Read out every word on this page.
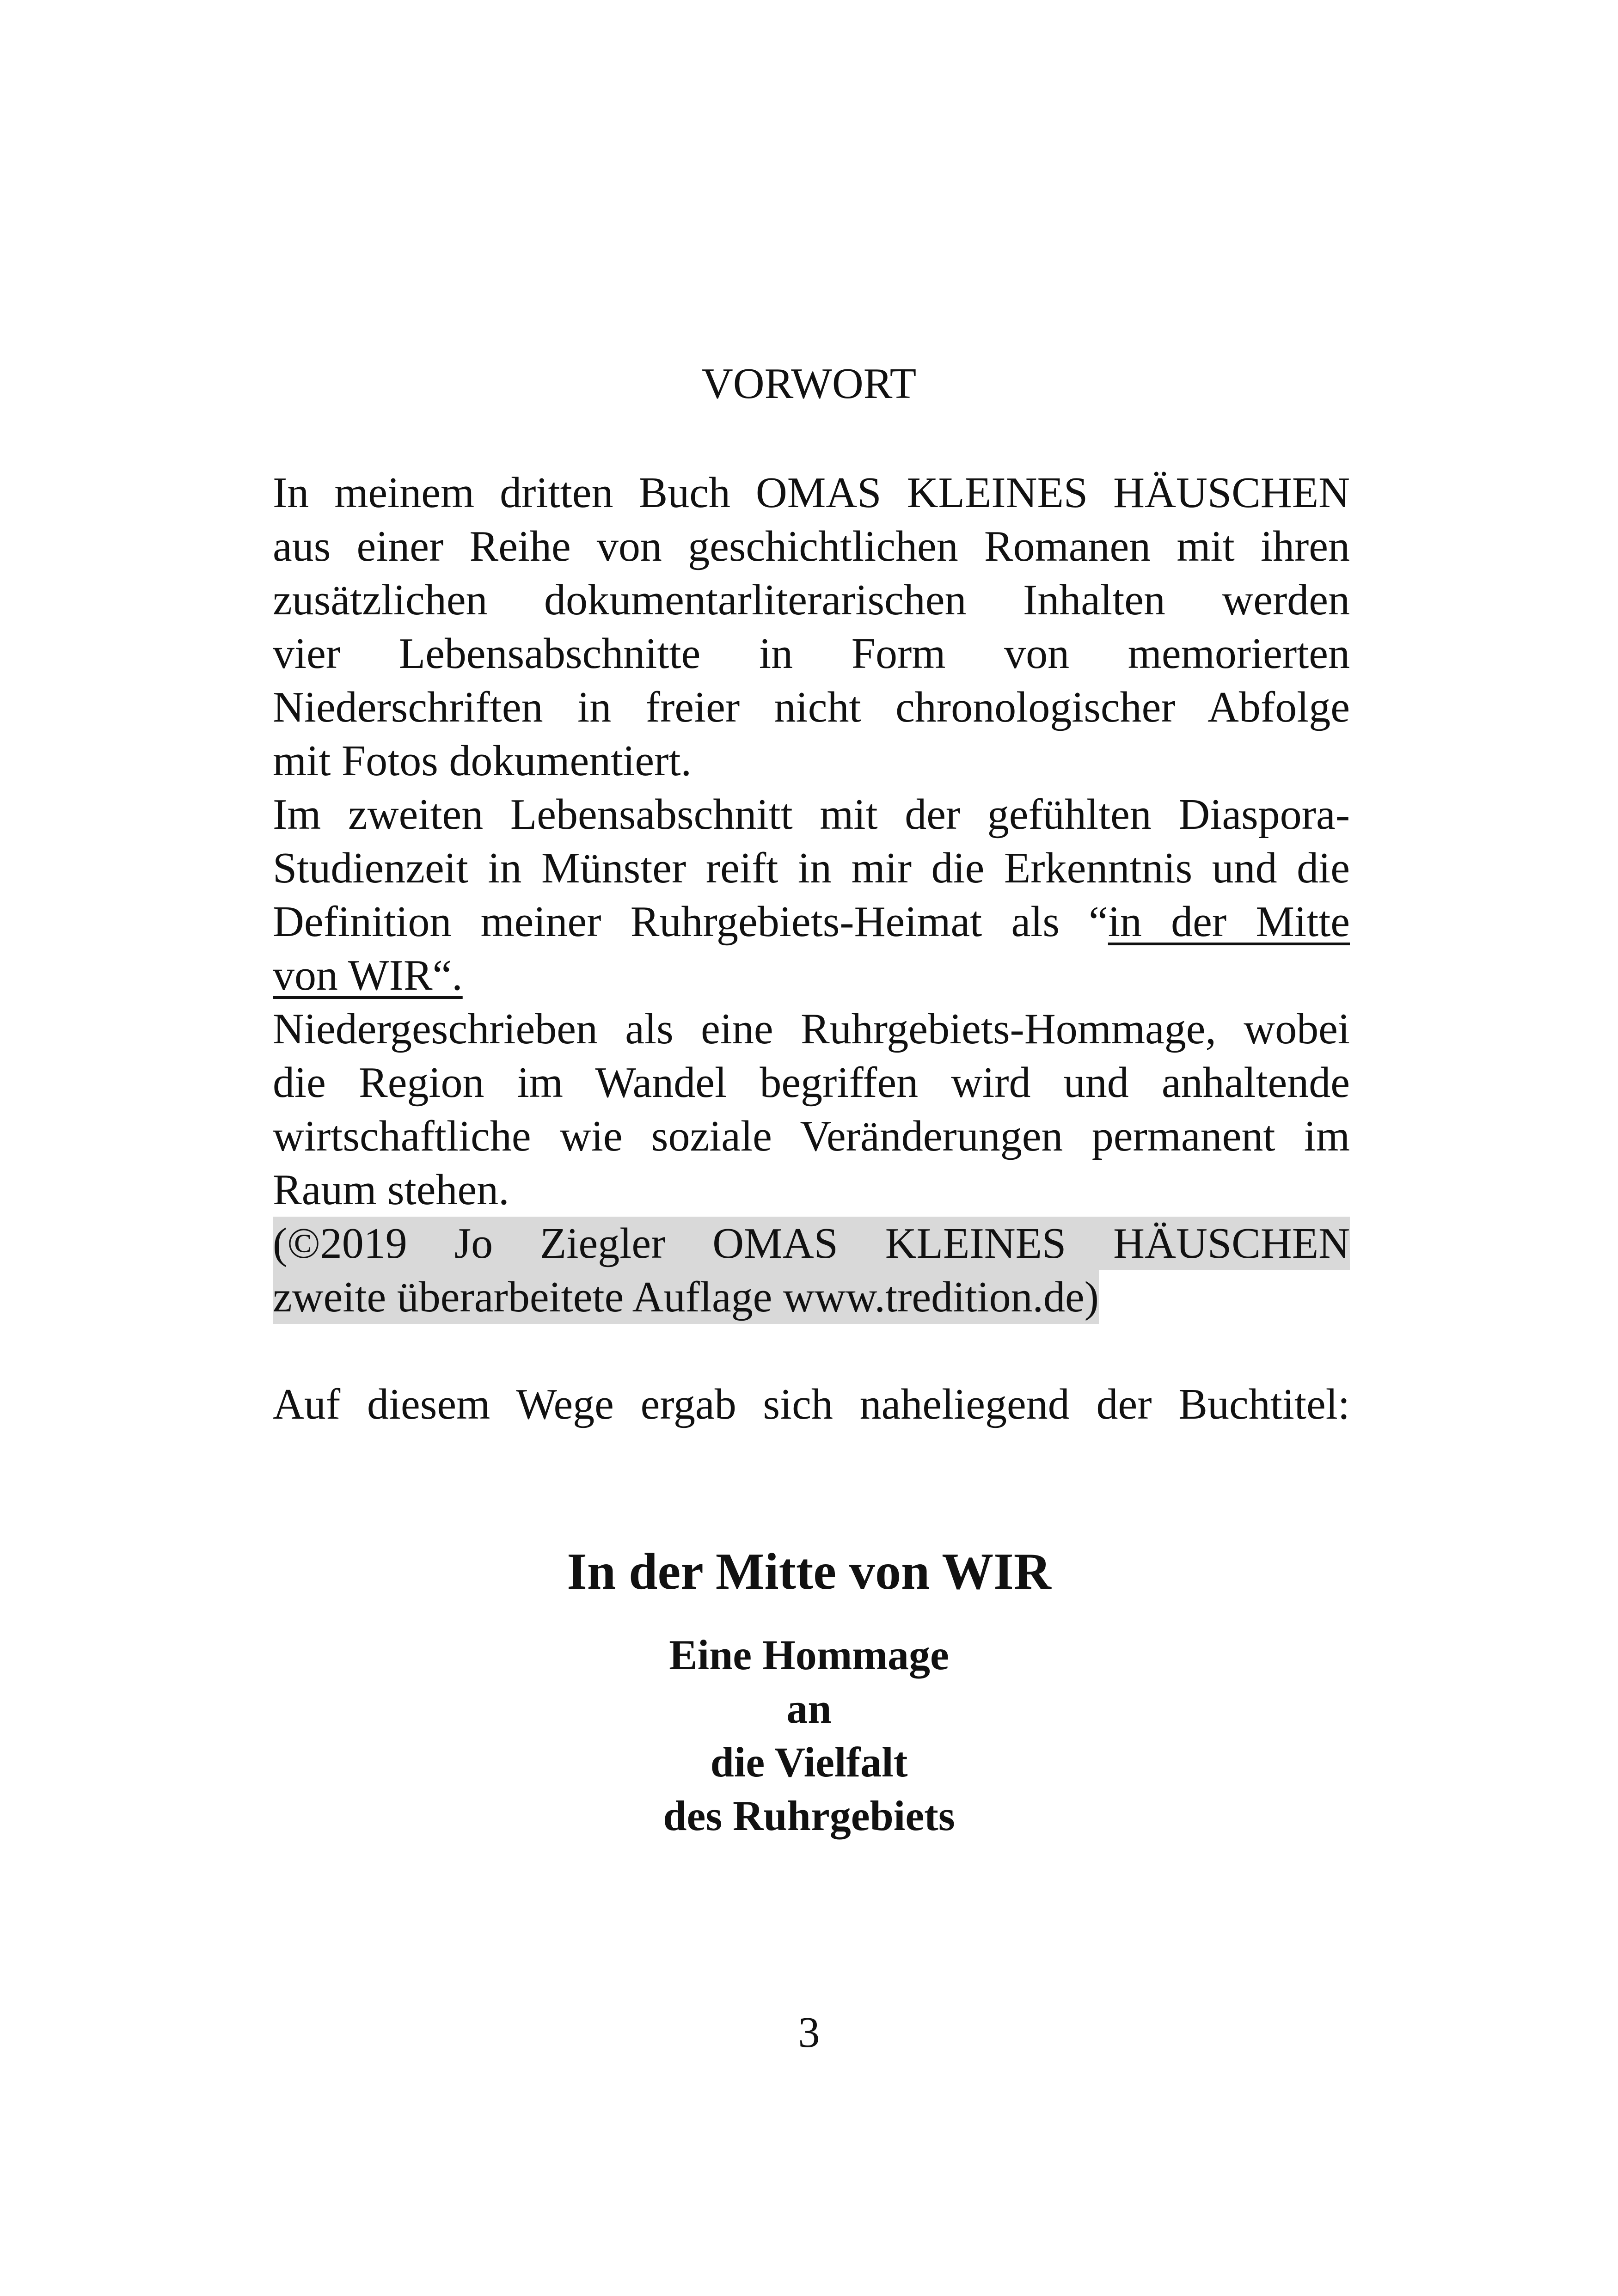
VORWORT
In meinem dritten Buch OMAS KLEINES HÄUSCHEN
aus einer Reihe von geschichtlichen Romanen mit ihren
zusätzlichen dokumentarliterarischen Inhalten werden
vier Lebensabschnitte in Form von memorierten
Niederschriften in freier nicht chronologischer Abfolge
mit Fotos dokumentiert.
Im zweiten Lebensabschnitt mit der gefühlten Diaspora-
Studienzeit in Münster reift in mir die Erkenntnis und die
Definition meiner Ruhrgebiets-Heimat als “in der Mitte
von WIR“.
Niedergeschrieben als eine Ruhrgebiets-Hommage, wobei
die Region im Wandel begriffen wird und anhaltende
wirtschaftliche wie soziale Veränderungen permanent im
Raum stehen.
(©2019 Jo Ziegler OMAS KLEINES HÄUSCHEN
zweite überarbeitete Auflage www.tredition.de)
Auf diesem Wege ergab sich naheliegend der Buchtitel:
In der Mitte von WIR
Eine Hommage
an
die Vielfalt
des Ruhrgebiets
3
